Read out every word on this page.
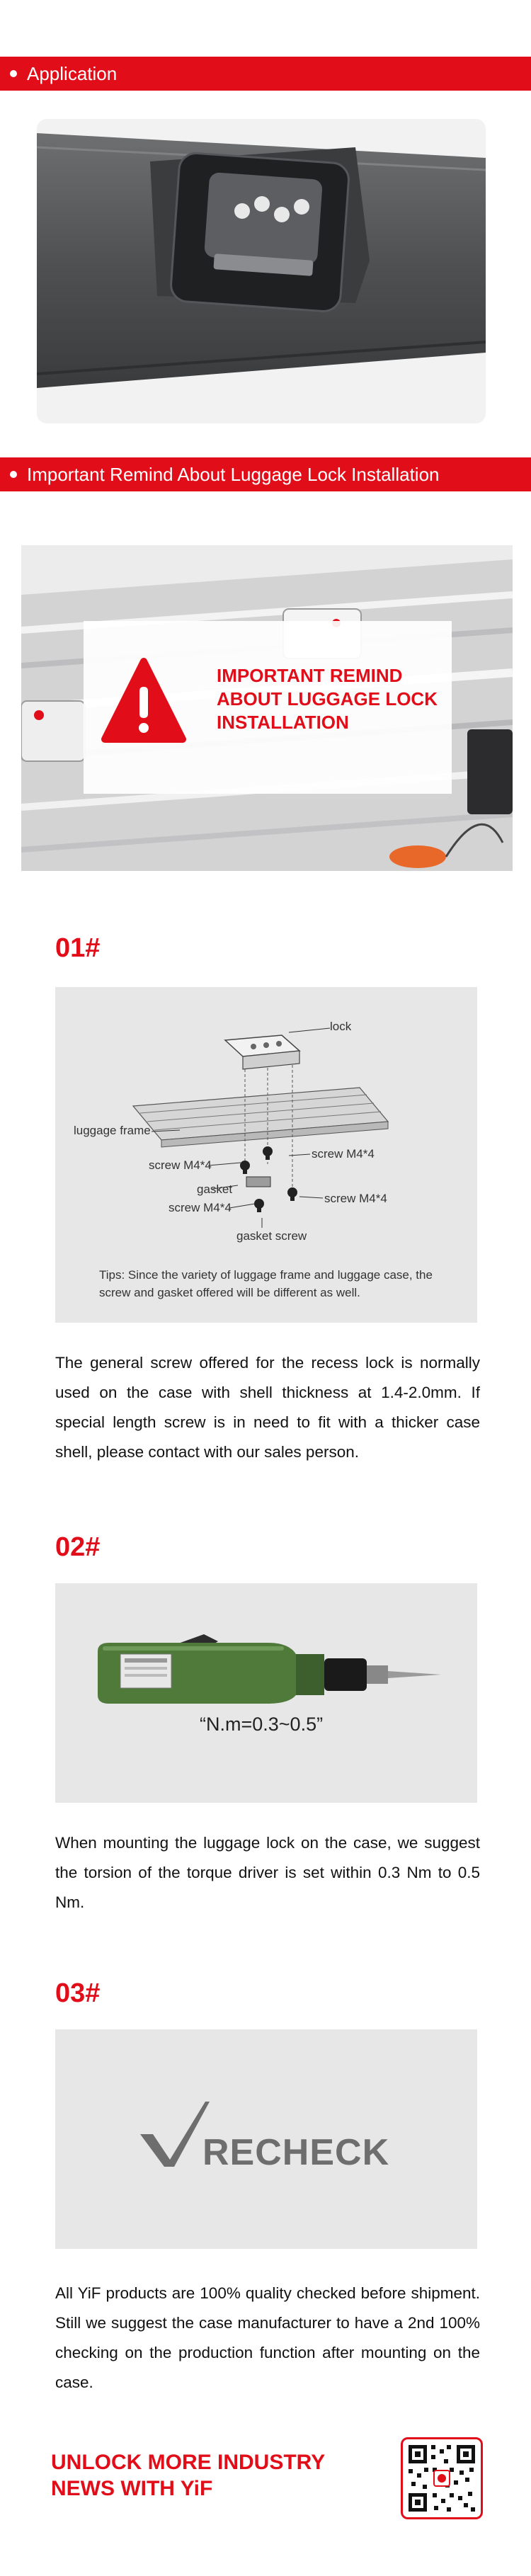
Application
Important Remind About Luggage Lock Installation
IMPORTANT REMIND
ABOUT LUGGAGE LOCK
INSTALLATION
01#
lock
luggage frame
screw M4*4
screw M4*4
gasket
screw M4*4
screw M4*4
gasket screw
Tips: Since the variety of luggage frame and luggage case, the
screw and gasket offered will be different as well.
The general screw offered for the recess lock is normally used on the case with shell thickness at 1.4-2.0mm. If special length screw is in need to fit with a thicker case shell, please contact with our sales person.
02#
“N.m=0.3~0.5”
When mounting the luggage lock on the case, we suggest the torsion of the torque driver is set within 0.3 Nm to 0.5 Nm.
03#
RECHECK
All YiF products are 100% quality checked before shipment. Still we suggest the case manufacturer to have a 2nd 100% checking on the production function after mounting on the case.
UNLOCK MORE INDUSTRY
NEWS WITH YiF
